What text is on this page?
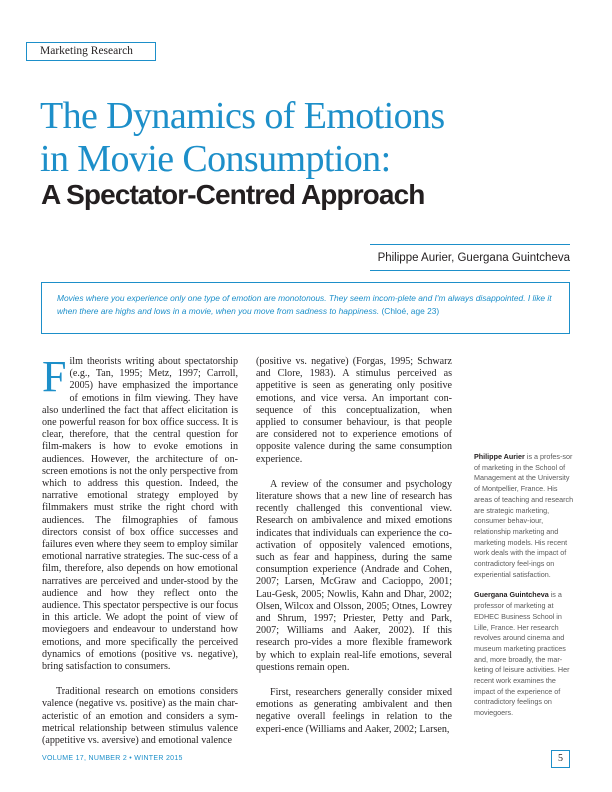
Marketing Research
The Dynamics of Emotions
in Movie Consumption:
A Spectator-Centred Approach
Philippe Aurier, Guergana Guintcheva
Movies where you experience only one type of emotion are monotonous. They seem incom-plete and I'm always disappointed. I like it when there are highs and lows in a movie, when you move from sadness to happiness. (Chloé, age 23)

Film theorists writing about spectatorship (e.g., Tan, 1995; Metz, 1997; Carroll, 2005) have emphasized the importance of emotions in film viewing. They have also underlined the fact that affect elicitation is one powerful reason for box office success. It is clear, therefore, that the central question for film-makers is how to evoke emotions in audiences. However, the architecture of on-screen emotions is not the only perspective from which to address this question. Indeed, the narrative emotional strategy employed by filmmakers must strike the right chord with audiences. The filmographies of famous directors consist of box office successes and failures even where they seem to employ similar emotional narrative strategies. The suc-cess of a film, therefore, also depends on how emotional narratives are perceived and under-stood by the audience and how they reflect onto the audience. This spectator perspective is our focus in this article. We adopt the point of view of moviegoers and endeavour to understand how emotions, and more specifically the perceived dynamics of emotions (positive vs. negative), bring satisfaction to consumers.

Traditional research on emotions considers valence (negative vs. positive) as the main char-acteristic of an emotion and considers a sym-metrical relationship between stimulus valence (appetitive vs. aversive) and emotional valence

(positive vs. negative) (Forgas, 1995; Schwarz and Clore, 1983). A stimulus perceived as appetitive is seen as generating only positive emotions, and vice versa. An important con-sequence of this conceptualization, when applied to consumer behaviour, is that people are considered not to experience emotions of opposite valence during the same consumption experience.

A review of the consumer and psychology literature shows that a new line of research has recently challenged this conventional view. Research on ambivalence and mixed emotions indicates that individuals can experience the co-activation of oppositely valenced emotions, such as fear and happiness, during the same consumption experience (Andrade and Cohen, 2007; Larsen, McGraw and Cacioppo, 2001; Lau-Gesk, 2005; Nowlis, Kahn and Dhar, 2002; Olsen, Wilcox and Olsson, 2005; Otnes, Lowrey and Shrum, 1997; Priester, Petty and Park, 2007; Williams and Aaker, 2002). If this research pro-vides a more flexible framework by which to explain real-life emotions, several questions remain open.

First, researchers generally consider mixed emotions as generating ambivalent and then negative overall feelings in relation to the experi-ence (Williams and Aaker, 2002; Larsen,

Philippe Aurier is a profes-sor of marketing in the School of Management at the University of Montpellier, France. His areas of teaching and research are strategic marketing, consumer behav-iour, relationship marketing and marketing models. His recent work deals with the impact of contradictory feel-ings on experiential satisfaction.

Guergana Guintcheva is a professor of marketing at EDHEC Business School in Lille, France. Her research revolves around cinema and museum marketing practices and, more broadly, the mar-keting of leisure activities. Her recent work examines the impact of the experience of contradictory feelings on moviegoers.

VOLUME 17, NUMBER 2 • WINTER 2015	5
